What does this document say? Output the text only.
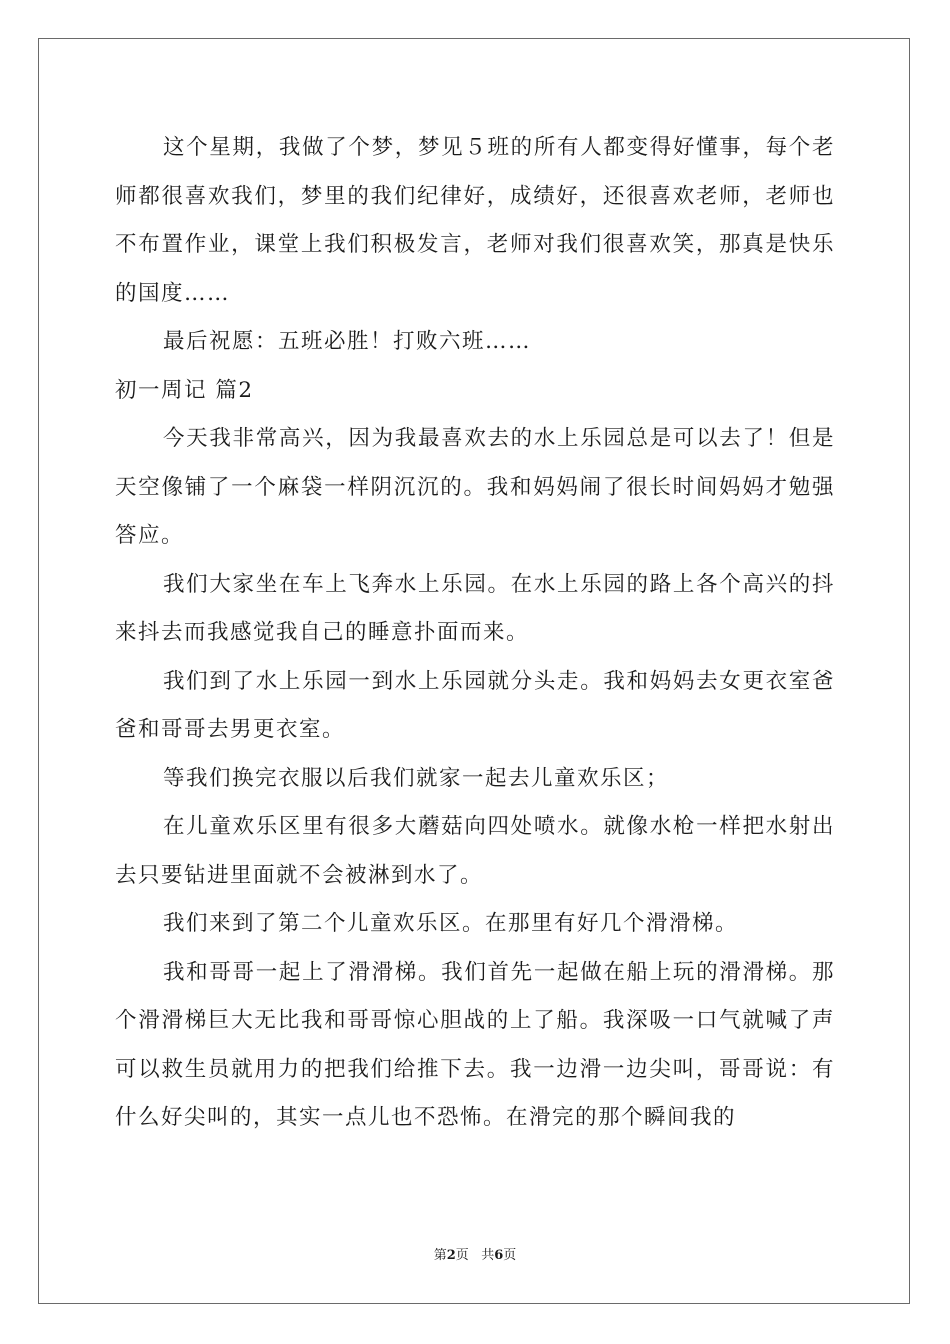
这个星期，我做了个梦，梦见５班的所有人都变得好懂事，每个老师都很喜欢我们，梦里的我们纪律好，成绩好，还很喜欢老师，老师也不布置作业，课堂上我们积极发言，老师对我们很喜欢笑，那真是快乐的国度……

最后祝愿：五班必胜！打败六班……

初一周记 篇2

今天我非常高兴，因为我最喜欢去的水上乐园总是可以去了！但是天空像铺了一个麻袋一样阴沉沉的。我和妈妈闹了很长时间妈妈才勉强答应。

我们大家坐在车上飞奔水上乐园。在水上乐园的路上各个高兴的抖来抖去而我感觉我自己的睡意扑面而来。

我们到了水上乐园一到水上乐园就分头走。我和妈妈去女更衣室爸爸和哥哥去男更衣室。

等我们换完衣服以后我们就家一起去儿童欢乐区；

在儿童欢乐区里有很多大蘑菇向四处喷水。就像水枪一样把水射出去只要钻进里面就不会被淋到水了。

我们来到了第二个儿童欢乐区。在那里有好几个滑滑梯。

我和哥哥一起上了滑滑梯。我们首先一起做在船上玩的滑滑梯。那个滑滑梯巨大无比我和哥哥惊心胆战的上了船。我深吸一口气就喊了声可以救生员就用力的把我们给推下去。我一边滑一边尖叫，哥哥说：有什么好尖叫的，其实一点儿也不恐怖。在滑完的那个瞬间我的

第2页 共6页
